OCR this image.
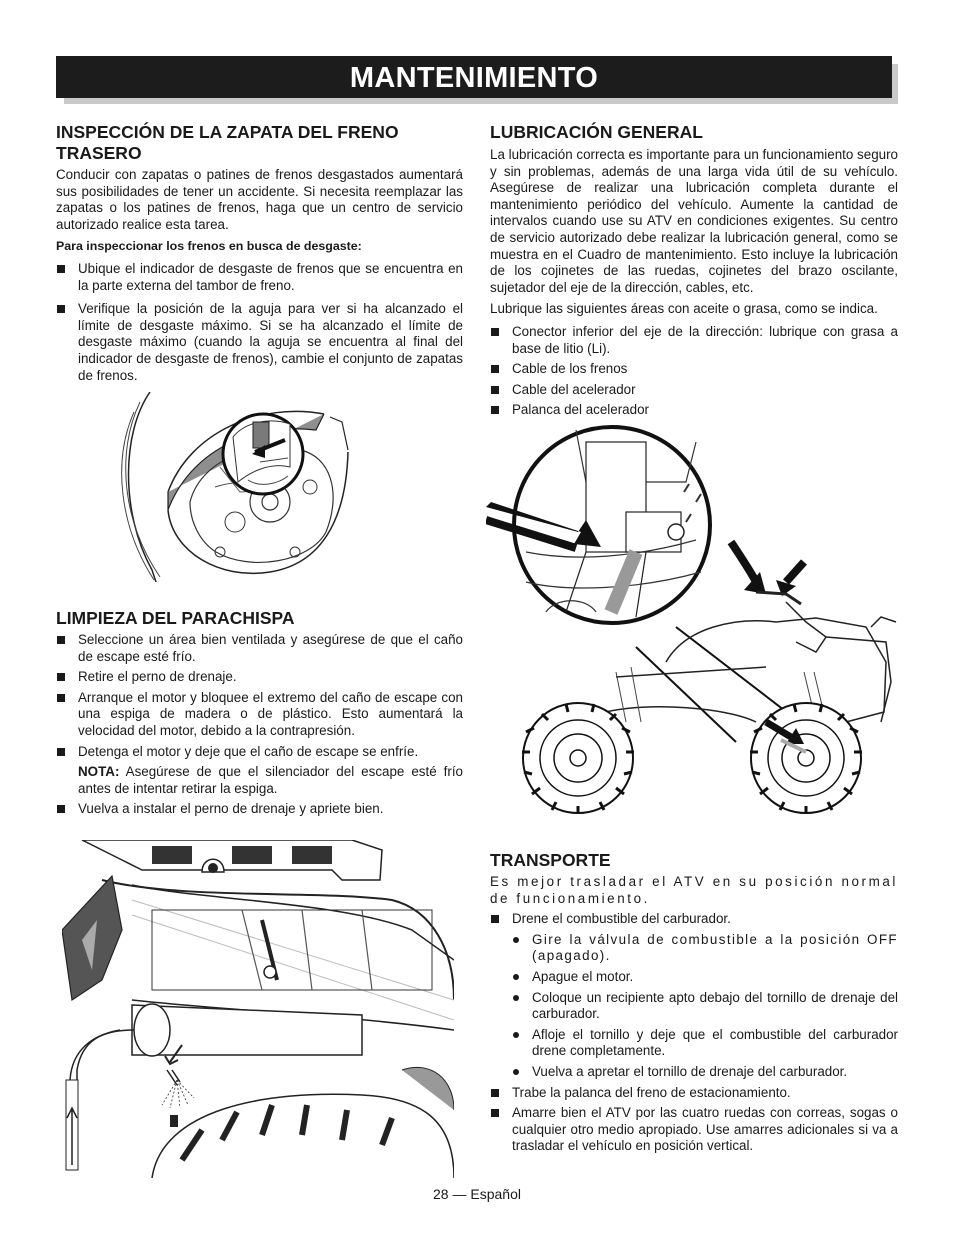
MANTENIMIENTO
INSPECCIÓN DE LA ZAPATA DEL FRENO TRASERO

Conducir con zapatas o patines de frenos desgastados aumentará sus posibilidades de tener un accidente. Si necesita reemplazar las zapatas o los patines de frenos, haga que un centro de servicio autorizado realice esta tarea.

Para inspeccionar los frenos en busca de desgaste:

Ubique el indicador de desgaste de frenos que se encuentra en la parte externa del tambor de freno.
Verifique la posición de la aguja para ver si ha alcanzado el límite de desgaste máximo. Si se ha alcanzado el límite de desgaste máximo (cuando la aguja se encuentra al final del indicador de desgaste de frenos), cambie el conjunto de zapatas de frenos.
LIMPIEZA DEL PARACHISPA
Seleccione un área bien ventilada y asegúrese de que el caño de escape esté frío.
Retire el perno de drenaje.
Arranque el motor y bloquee el extremo del caño de escape con una espiga de madera o de plástico. Esto aumentará la velocidad del motor, debido a la contrapresión.
Detenga el motor y deje que el caño de escape se enfríe.

NOTA: Asegúrese de que el silenciador del escape esté frío antes de intentar retirar la espiga.

Vuelva a instalar el perno de drenaje y apriete bien.
LUBRICACIÓN GENERAL

La lubricación correcta es importante para un funcionamiento seguro y sin problemas, además de una larga vida útil de su vehículo. Asegúrese de realizar una lubricación completa durante el mantenimiento periódico del vehículo. Aumente la cantidad de intervalos cuando use su ATV en condiciones exigentes. Su centro de servicio autorizado debe realizar la lubricación general, como se muestra en el Cuadro de mantenimiento. Esto incluye la lubricación de los cojinetes de las ruedas, cojinetes del brazo oscilante, sujetador del eje de la dirección, cables, etc.

Lubrique las siguientes áreas con aceite o grasa, como se indica.

Conector inferior del eje de la dirección: lubrique con grasa a base de litio (Li).
Cable de los frenos
Cable del acelerador
Palanca del acelerador
TRANSPORTE

Es mejor trasladar el ATV en su posición normal de funcionamiento.

Drene el combustible del carburador.
Gire la válvula de combustible a la posición OFF (apagado).
Apague el motor.
Coloque un recipiente apto debajo del tornillo de drenaje del carburador.
Afloje el tornillo y deje que el combustible del carburador drene completamente.
Vuelva a apretar el tornillo de drenaje del carburador.
Trabe la palanca del freno de estacionamiento.
Amarre bien el ATV por las cuatro ruedas con correas, sogas o cualquier otro medio apropiado. Use amarres adicionales si va a trasladar el vehículo en posición vertical.
28 — Español
